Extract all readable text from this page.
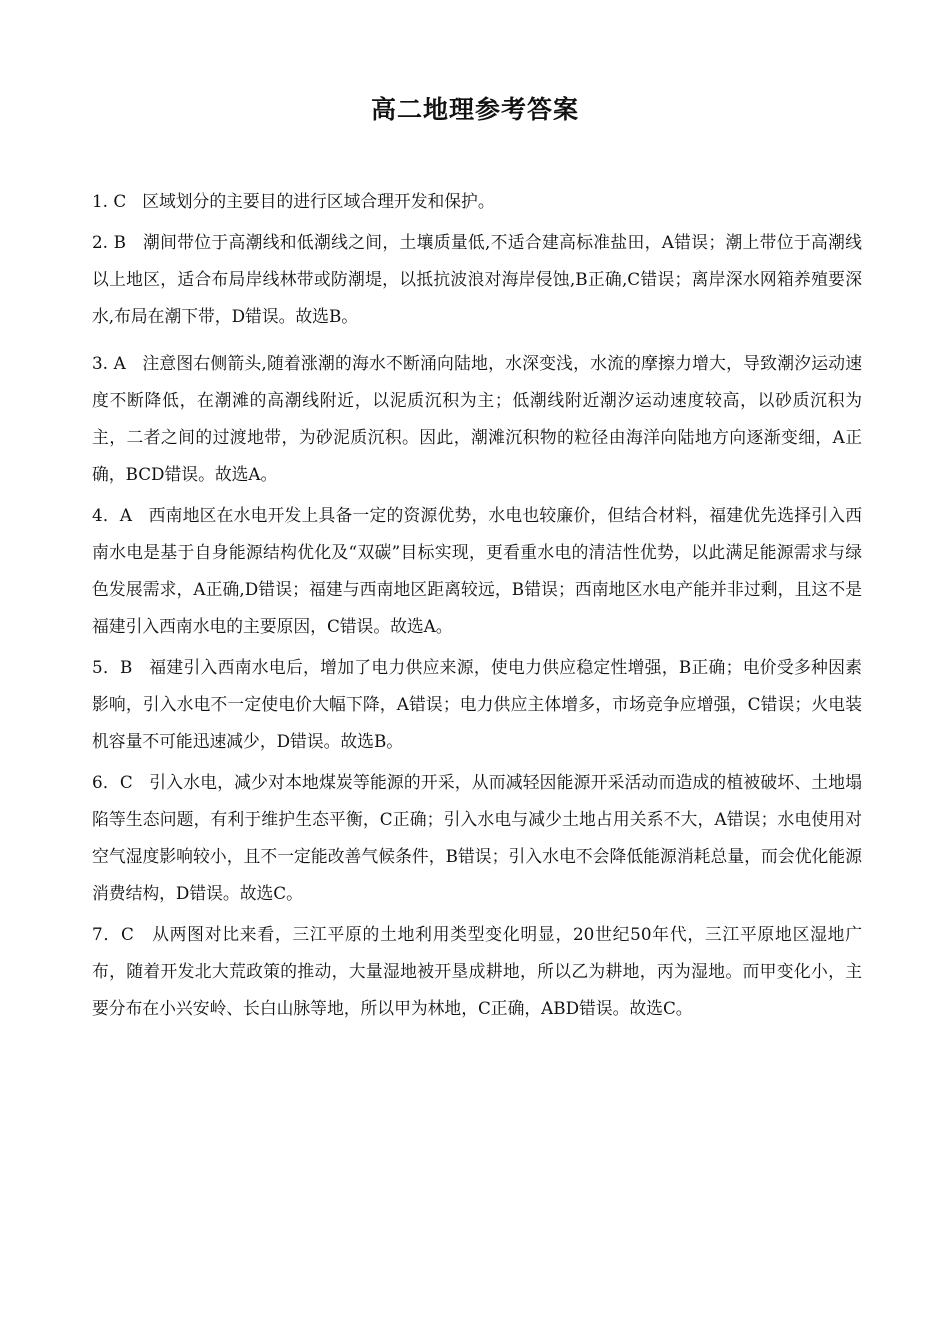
高二地理参考答案

1. C 区域划分的主要目的进行区域合理开发和保护。

2. B 潮间带位于高潮线和低潮线之间，土壤质量低,不适合建高标准盐田，A错误；潮上带位于高潮线以上地区，适合布局岸线林带或防潮堤，以抵抗波浪对海岸侵蚀,B正确,C错误；离岸深水网箱养殖要深水,布局在潮下带，D错误。故选B。

3. A 注意图右侧箭头,随着涨潮的海水不断涌向陆地，水深变浅，水流的摩擦力增大，导致潮汐运动速度不断降低，在潮滩的高潮线附近，以泥质沉积为主；低潮线附近潮汐运动速度较高，以砂质沉积为主，二者之间的过渡地带，为砂泥质沉积。因此，潮滩沉积物的粒径由海洋向陆地方向逐渐变细，A正确，BCD错误。故选A。

4．A 西南地区在水电开发上具备一定的资源优势，水电也较廉价，但结合材料，福建优先选择引入西南水电是基于自身能源结构优化及“双碳”目标实现，更看重水电的清洁性优势，以此满足能源需求与绿色发展需求，A正确,D错误；福建与西南地区距离较远，B错误；西南地区水电产能并非过剩，且这不是福建引入西南水电的主要原因，C错误。故选A。

5．B 福建引入西南水电后，增加了电力供应来源，使电力供应稳定性增强，B正确；电价受多种因素影响，引入水电不一定使电价大幅下降，A错误；电力供应主体增多，市场竞争应增强，C错误；火电装机容量不可能迅速减少，D错误。故选B。

6．C 引入水电，减少对本地煤炭等能源的开采，从而减轻因能源开采活动而造成的植被破坏、土地塌陷等生态问题，有利于维护生态平衡，C正确；引入水电与减少土地占用关系不大，A错误；水电使用对空气湿度影响较小，且不一定能改善气候条件，B错误；引入水电不会降低能源消耗总量，而会优化能源消费结构，D错误。故选C。

7．C 从两图对比来看，三江平原的土地利用类型变化明显，20世纪50年代，三江平原地区湿地广布，随着开发北大荒政策的推动，大量湿地被开垦成耕地，所以乙为耕地，丙为湿地。而甲变化小，主要分布在小兴安岭、长白山脉等地，所以甲为林地，C正确，ABD错误。故选C。
